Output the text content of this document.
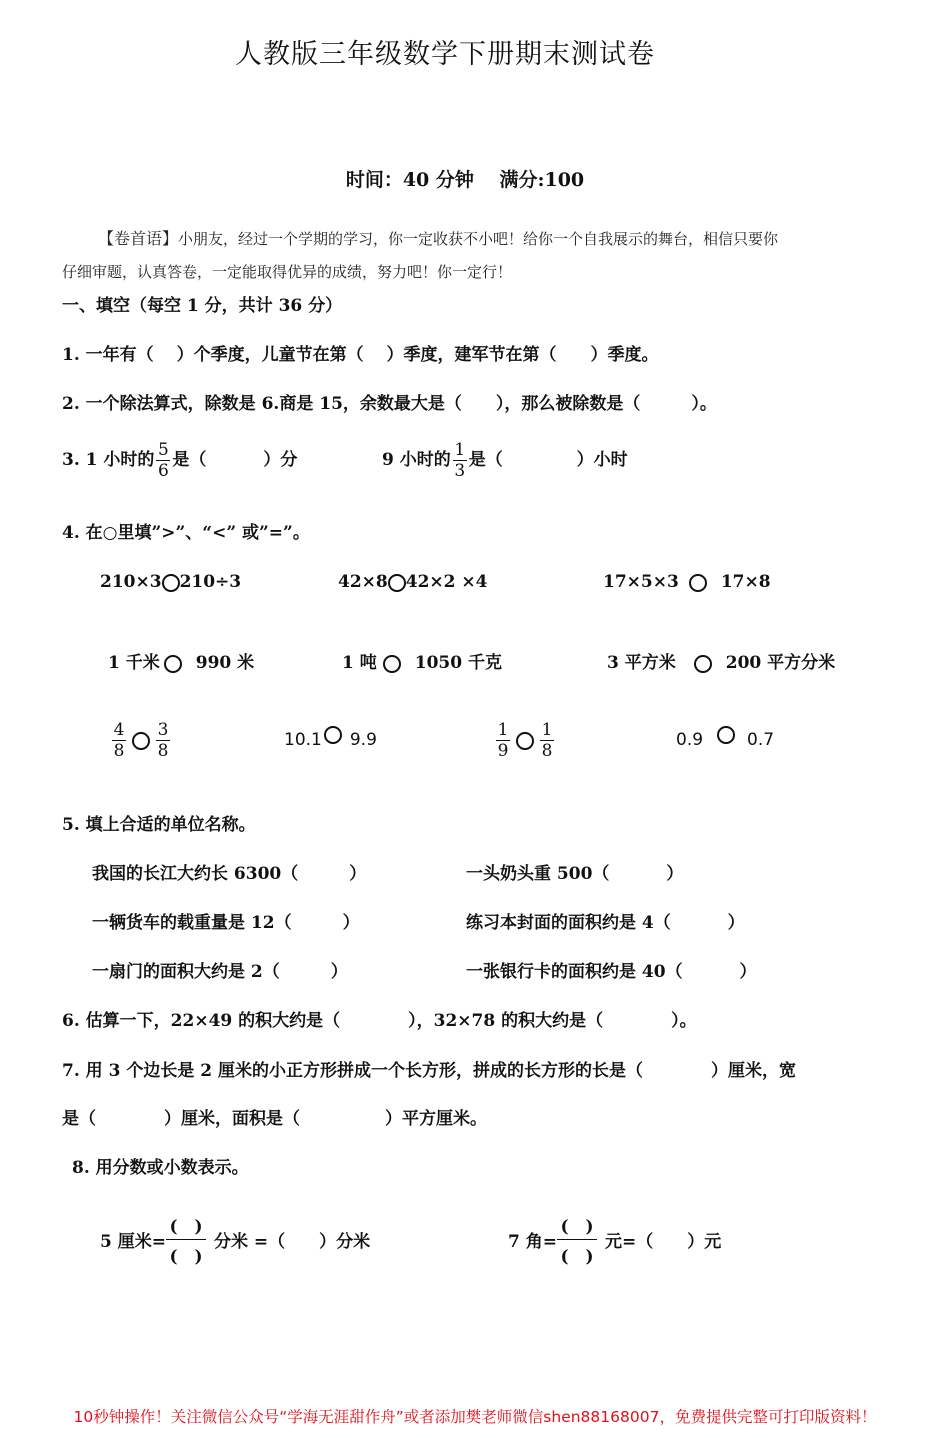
人教版三年级数学下册期末测试卷
时间：40 分钟　 满分:100
【卷首语】小朋友，经过一个学期的学习，你一定收获不小吧！给你一个自我展示的舞台，相信只要你
仔细审题，认真答卷，一定能取得优异的成绩，努力吧！你一定行！
一、填空（每空 1 分，共计 36 分）
1. 一年有（　 ）个季度，儿童节在第（　 ）季度，建军节在第（　　）季度。
2. 一个除法算式，除数是 6.商是 15，余数最大是（　　），那么被除数是（　　　）。
3. 1 小时的 $\frac{5}{6}$ 是（　　　 ）分	9 小时的 $\frac{1}{3}$ 是（　　　　 ）小时
4. 在○里填”>”、“<” 或”=”。
210×3 210÷3	42×8 42×2 ×4	17×5×3 17×8
1 千米 990 米	1 吨 1050 千克	3 平方米	200 平方分米
$\frac{4}{8} \frac{3}{8}$	10.1 9.9	$\frac{1}{9} \frac{1}{8}$	0.9	0.7
5. 填上合适的单位名称。
我国的长江大约长 6300（　　　）	一头奶头重 500（　　　 ）
一辆货车的载重量是 12（　　　）	练习本封面的面积约是 4（　　　 ）
一扇门的面积大约是 2（　　　）	一张银行卡的面积约是 40（　　　 ）
6. 估算一下，22×49 的积大约是（　　　　），32×78 的积大约是（　　　　）。
7. 用 3 个边长是 2 厘米的小正方形拼成一个长方形，拼成的长方形的长是（　　　　）厘米，宽
是（　　　　）厘米，面积是（　　　　　）平方厘米。
8. 用分数或小数表示。
5 厘米=
(　)
(　)
分米 =（　　）分米	7 角=
(　)
(　)
元=（　　）元
10秒钟操作！关注微信公众号“学海无涯甜作舟”或者添加樊老师微信shen88168007，免费提供完整可打印版资料！
